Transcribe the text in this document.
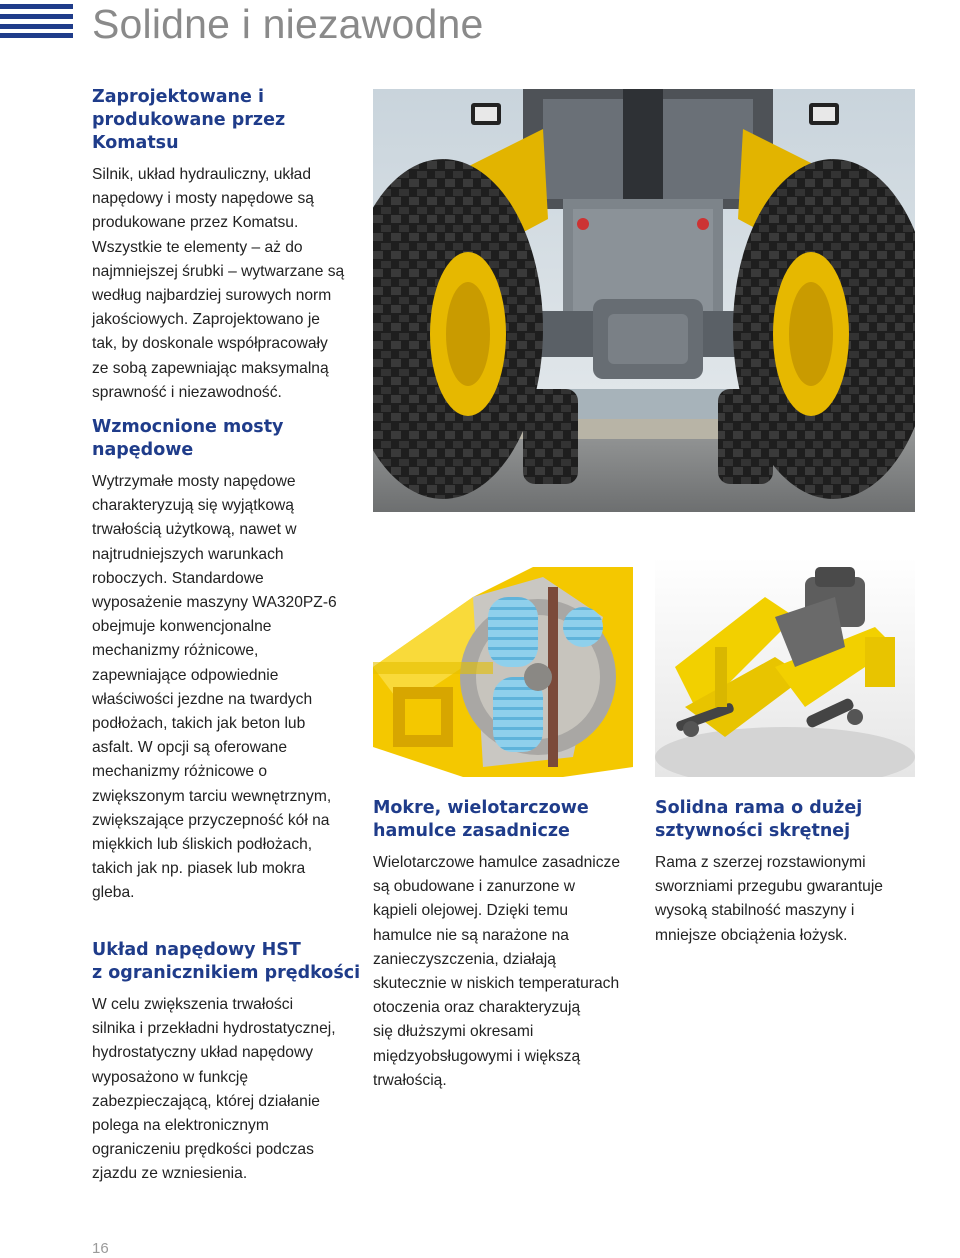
Solidne i niezawodne
Zaprojektowane i
produkowane przez Komatsu

Silnik, układ hydrauliczny, układ
napędowy i mosty napędowe są
produkowane przez Komatsu.
Wszystkie te elementy – aż do
najmniejszej śrubki – wytwarzane są
według najbardziej surowych norm
jakościowych. Zaprojektowano je
tak, by doskonale współpracowały
ze sobą zapewniając maksymalną
sprawność i niezawodność.

Wzmocnione mosty
napędowe

Wytrzymałe mosty napędowe
charakteryzują się wyjątkową
trwałością użytkową, nawet w
najtrudniejszych warunkach
roboczych. Standardowe
wyposażenie maszyny WA320PZ-6
obejmuje konwencjonalne
mechanizmy różnicowe,
zapewniające odpowiednie
właściwości jezdne na twardych
podłożach, takich jak beton lub
asfalt. W opcji są oferowane
mechanizmy różnicowe o
zwiększonym tarciu wewnętrznym,
zwiększające przyczepność kół na
miękkich lub śliskich podłożach,
takich jak np. piasek lub mokra
gleba.

Układ napędowy HST
z ogranicznikiem prędkości

W celu zwiększenia trwałości
silnika i przekładni hydrostatycznej,
hydrostatyczny układ napędowy
wyposażono w funkcję
zabezpieczającą, której działanie
polega na elektronicznym
ograniczeniu prędkości podczas
zjazdu ze wzniesienia.

Mokre, wielotarczowe
hamulce zasadnicze

Wielotarczowe hamulce zasadnicze
są obudowane i zanurzone w
kąpieli olejowej. Dzięki temu
hamulce nie są narażone na
zanieczyszczenia, działają
skutecznie w niskich temperaturach
otoczenia oraz charakteryzują
się dłuższymi okresami
międzyobsługowymi i większą
trwałością.

Solidna rama o dużej
sztywności skrętnej

Rama z szerzej rozstawionymi
sworzniami przegubu gwarantuje
wysoką stabilność maszyny i
mniejsze obciążenia łożysk.

16
